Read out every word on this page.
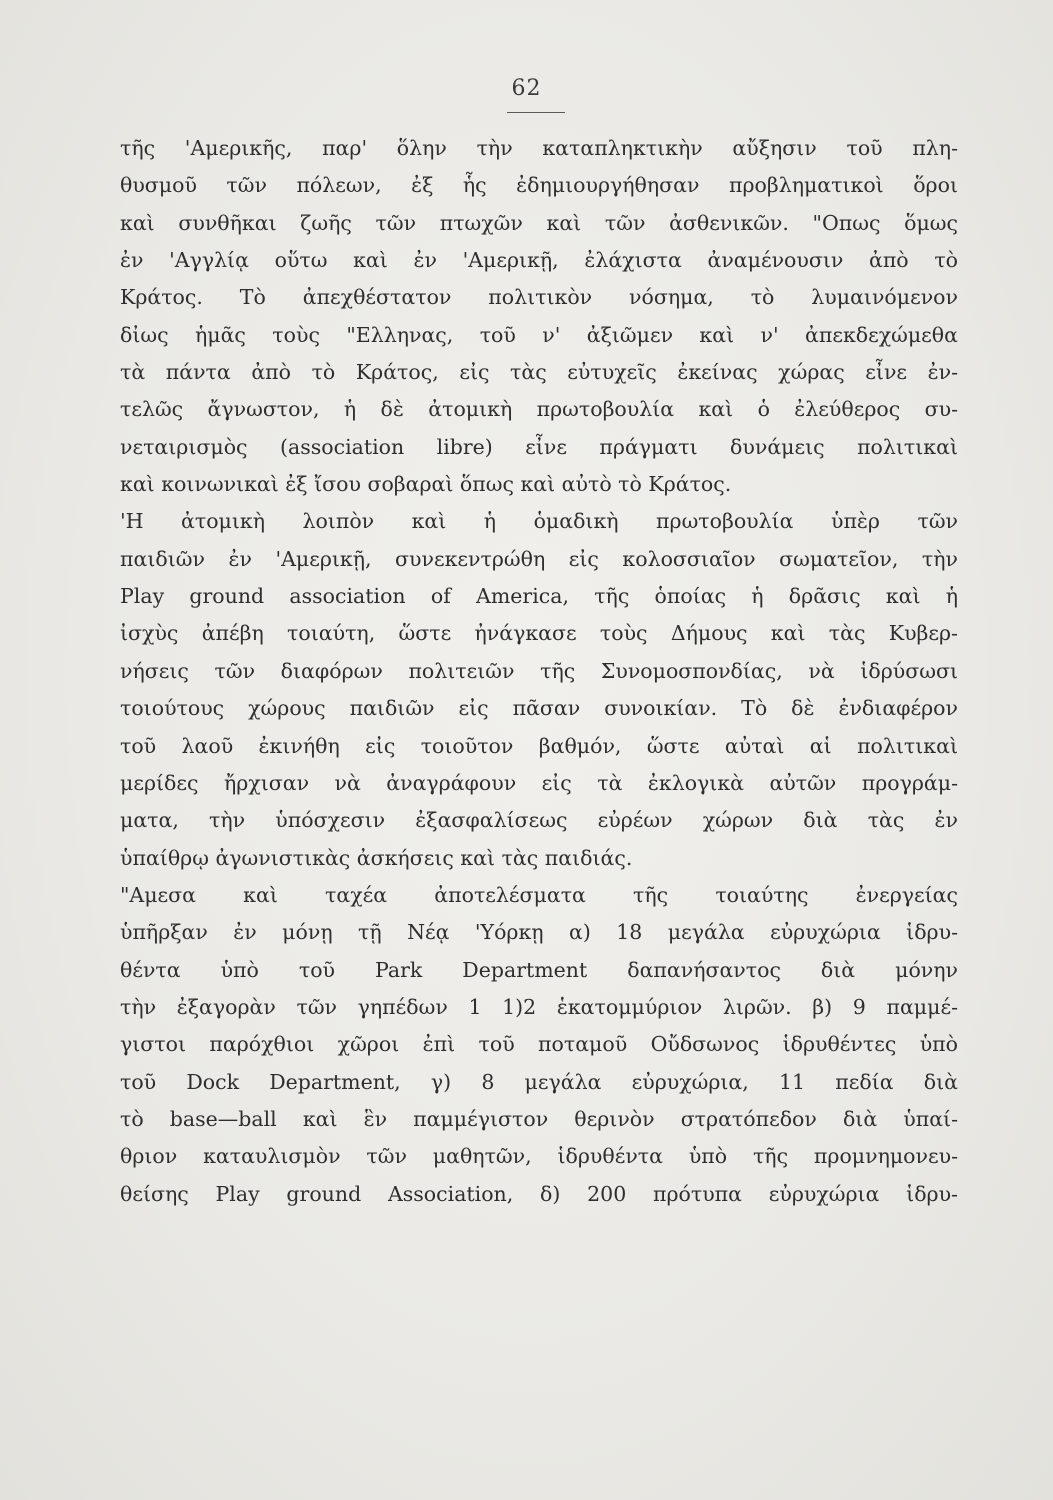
62
τῆς 'Αμερικῆς, παρ' ὅλην τὴν καταπληκτικὴν αὔξησιν τοῦ πλη-
θυσμοῦ τῶν πόλεων, ἐξ ἧς ἐδημιουργήθησαν προβληματικοὶ ὅροι
καὶ συνθῆκαι ζωῆς τῶν πτωχῶν καὶ τῶν ἀσθενικῶν. "Οπως ὅμως
ἐν 'Αγγλίᾳ οὕτω καὶ ἐν 'Αμερικῇ, ἐλάχιστα ἀναμένουσιν ἀπὸ τὸ
Κράτος. Τὸ ἀπεχθέστατον πολιτικὸν νόσημα, τὸ λυμαινόμενον
δἰως ἡμᾶς τοὺς "Ελληνας, τοῦ ν' ἀξιῶμεν καὶ ν' ἀπεκδεχώμεθα
τὰ πάντα ἀπὸ τὸ Κράτος, εἰς τὰς εὐτυχεῖς ἐκείνας χώρας εἶνε ἐν-
τελῶς ἄγνωστον, ἡ δὲ ἀτομικὴ πρωτοβουλία καὶ ὁ ἐλεύθερος συ-
νεταιρισμὸς (association libre) εἶνε πράγματι δυνάμεις πολιτικαὶ
καὶ κοινωνικαὶ ἐξ ἴσου σοβαραὶ ὅπως καὶ αὐτὸ τὸ Κράτος.
'Η ἀτομικὴ λοιπὸν καὶ ἡ ὁμαδικὴ πρωτοβουλία ὑπὲρ τῶν
παιδιῶν ἐν 'Αμερικῇ, συνεκεντρώθη εἰς κολοσσιαῖον σωματεῖον, τὴν
Play ground association of America, τῆς ὁποίας ἡ δρᾶσις καὶ ἡ
ἰσχὺς ἀπέβη τοιαύτη, ὥστε ἠνάγκασε τοὺς Δήμους καὶ τὰς Κυβερ-
νήσεις τῶν διαφόρων πολιτειῶν τῆς Συνομοσπονδίας, νὰ ἱδρύσωσι
τοιούτους χώρους παιδιῶν εἰς πᾶσαν συνοικίαν. Τὸ δὲ ἐνδιαφέρον
τοῦ λαοῦ ἐκινήθη εἰς τοιοῦτον βαθμόν, ὥστε αὐταὶ αἱ πολιτικαὶ
μερίδες ἤρχισαν νὰ ἀναγράφουν εἰς τὰ ἐκλογικὰ αὐτῶν προγράμ-
ματα, τὴν ὑπόσχεσιν ἐξασφαλίσεως εὐρέων χώρων διὰ τὰς ἐν
ὑπαίθρῳ ἀγωνιστικὰς ἀσκήσεις καὶ τὰς παιδιάς.
"Αμεσα καὶ ταχέα ἀποτελέσματα τῆς τοιαύτης ἐνεργείας
ὑπῆρξαν ἐν μόνῃ τῇ Νέᾳ 'Υόρκῃ α) 18 μεγάλα εὐρυχώρια ἱδρυ-
θέντα ὑπὸ τοῦ Park Department δαπανήσαντος διὰ μόνην
τὴν ἐξαγορὰν τῶν γηπέδων 1 1)2 ἑκατομμύριον λιρῶν. β) 9 παμμέ-
γιστοι παρόχθιοι χῶροι ἐπὶ τοῦ ποταμοῦ Οὔδσωνος ἱδρυθέντες ὑπὸ
τοῦ Dock Department, γ) 8 μεγάλα εὐρυχώρια, 11 πεδία διὰ
τὸ base—ball καὶ ἓν παμμέγιστον θερινὸν στρατόπεδον διὰ ὑπαί-
θριον καταυλισμὸν τῶν μαθητῶν, ἱδρυθέντα ὑπὸ τῆς προμνημονευ-
θείσης Play ground Association, δ) 200 πρότυπα εὐρυχώρια ἱδρυ-
